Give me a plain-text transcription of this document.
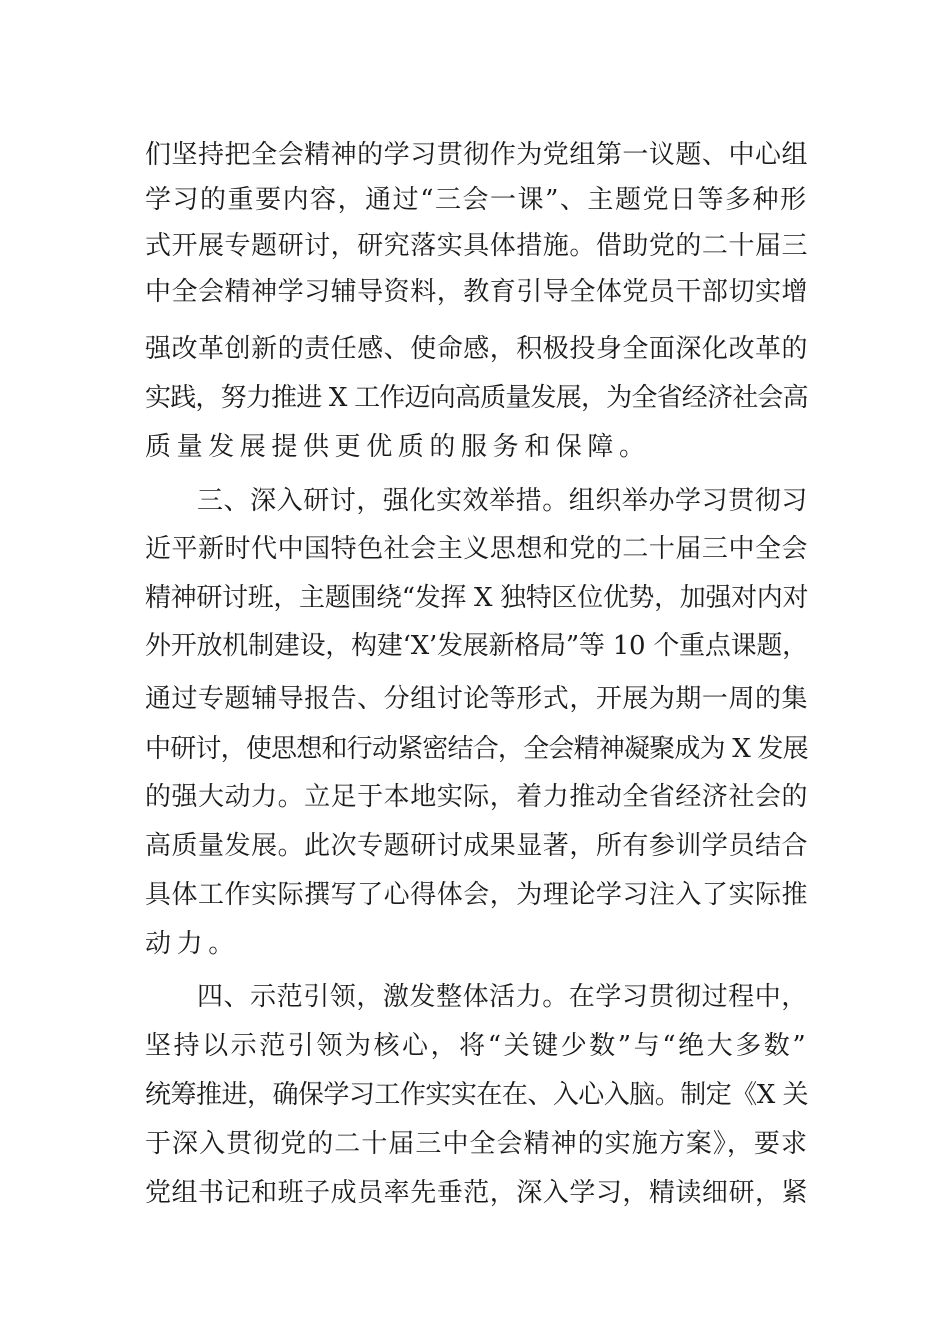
们坚持把全会精神的学习贯彻作为党组第一议题、中心组
学习的重要内容，通过“三会一课”、主题党日等多种形
式开展专题研讨，研究落实具体措施。借助党的二十届三
中全会精神学习辅导资料，教育引导全体党员干部切实增
强改革创新的责任感、使命感，积极投身全面深化改革的
实践，努力推进 X 工作迈向高质量发展，为全省经济社会高
质量发展提供更优质的服务和保障。
三、深入研讨，强化实效举措。组织举办学习贯彻习
近平新时代中国特色社会主义思想和党的二十届三中全会
精神研讨班，主题围绕“发挥 X 独特区位优势，加强对内对
外开放机制建设，构建‘X’发展新格局”等 10 个重点课题，
通过专题辅导报告、分组讨论等形式，开展为期一周的集
中研讨，使思想和行动紧密结合，全会精神凝聚成为 X 发展
的强大动力。立足于本地实际，着力推动全省经济社会的
高质量发展。此次专题研讨成果显著，所有参训学员结合
具体工作实际撰写了心得体会，为理论学习注入了实际推
动力。
四、示范引领，激发整体活力。在学习贯彻过程中，
坚持以示范引领为核心，将“关键少数”与“绝大多数”
统筹推进，确保学习工作实实在在、入心入脑。制定《X 关
于深入贯彻党的二十届三中全会精神的实施方案》，要求
党组书记和班子成员率先垂范，深入学习，精读细研，紧
